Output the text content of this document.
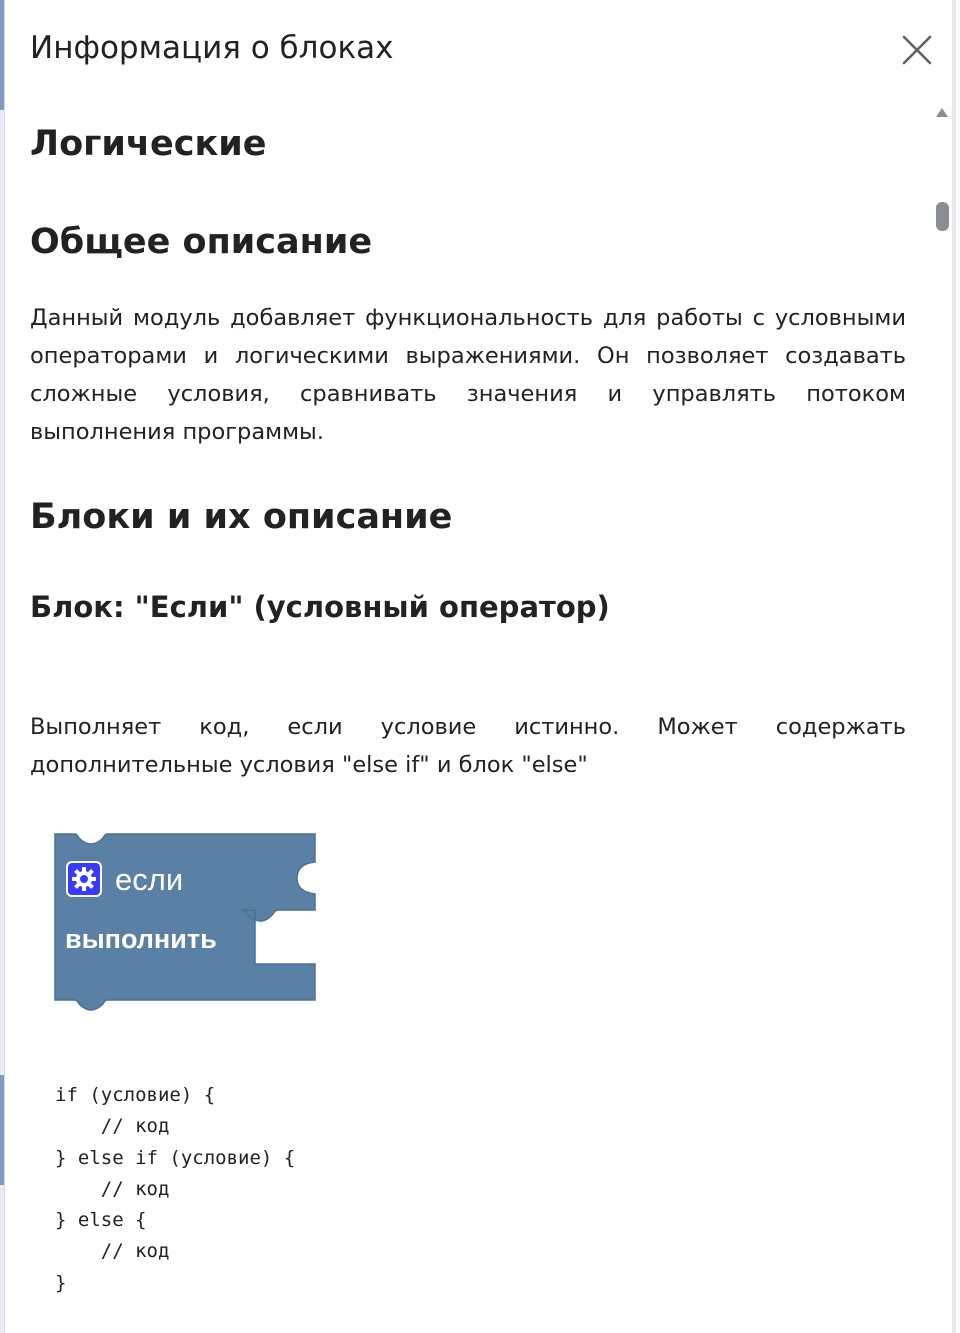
Информация о блоках
Логические
Общее описание

Данный модуль добавляет функциональность для работы с условными операторами и логическими выражениями. Он позволяет создавать сложные условия, сравнивать значения и управлять потоком выполнения программы.

Блоки и их описание
Блок: "Если" (условный оператор)

Выполняет код, если условие истинно. Может содержать дополнительные условия "else if" и блок "else"

если
выполнить
if (условие) {
// код
} else if (условие) {
// код
} else {
// код
}
